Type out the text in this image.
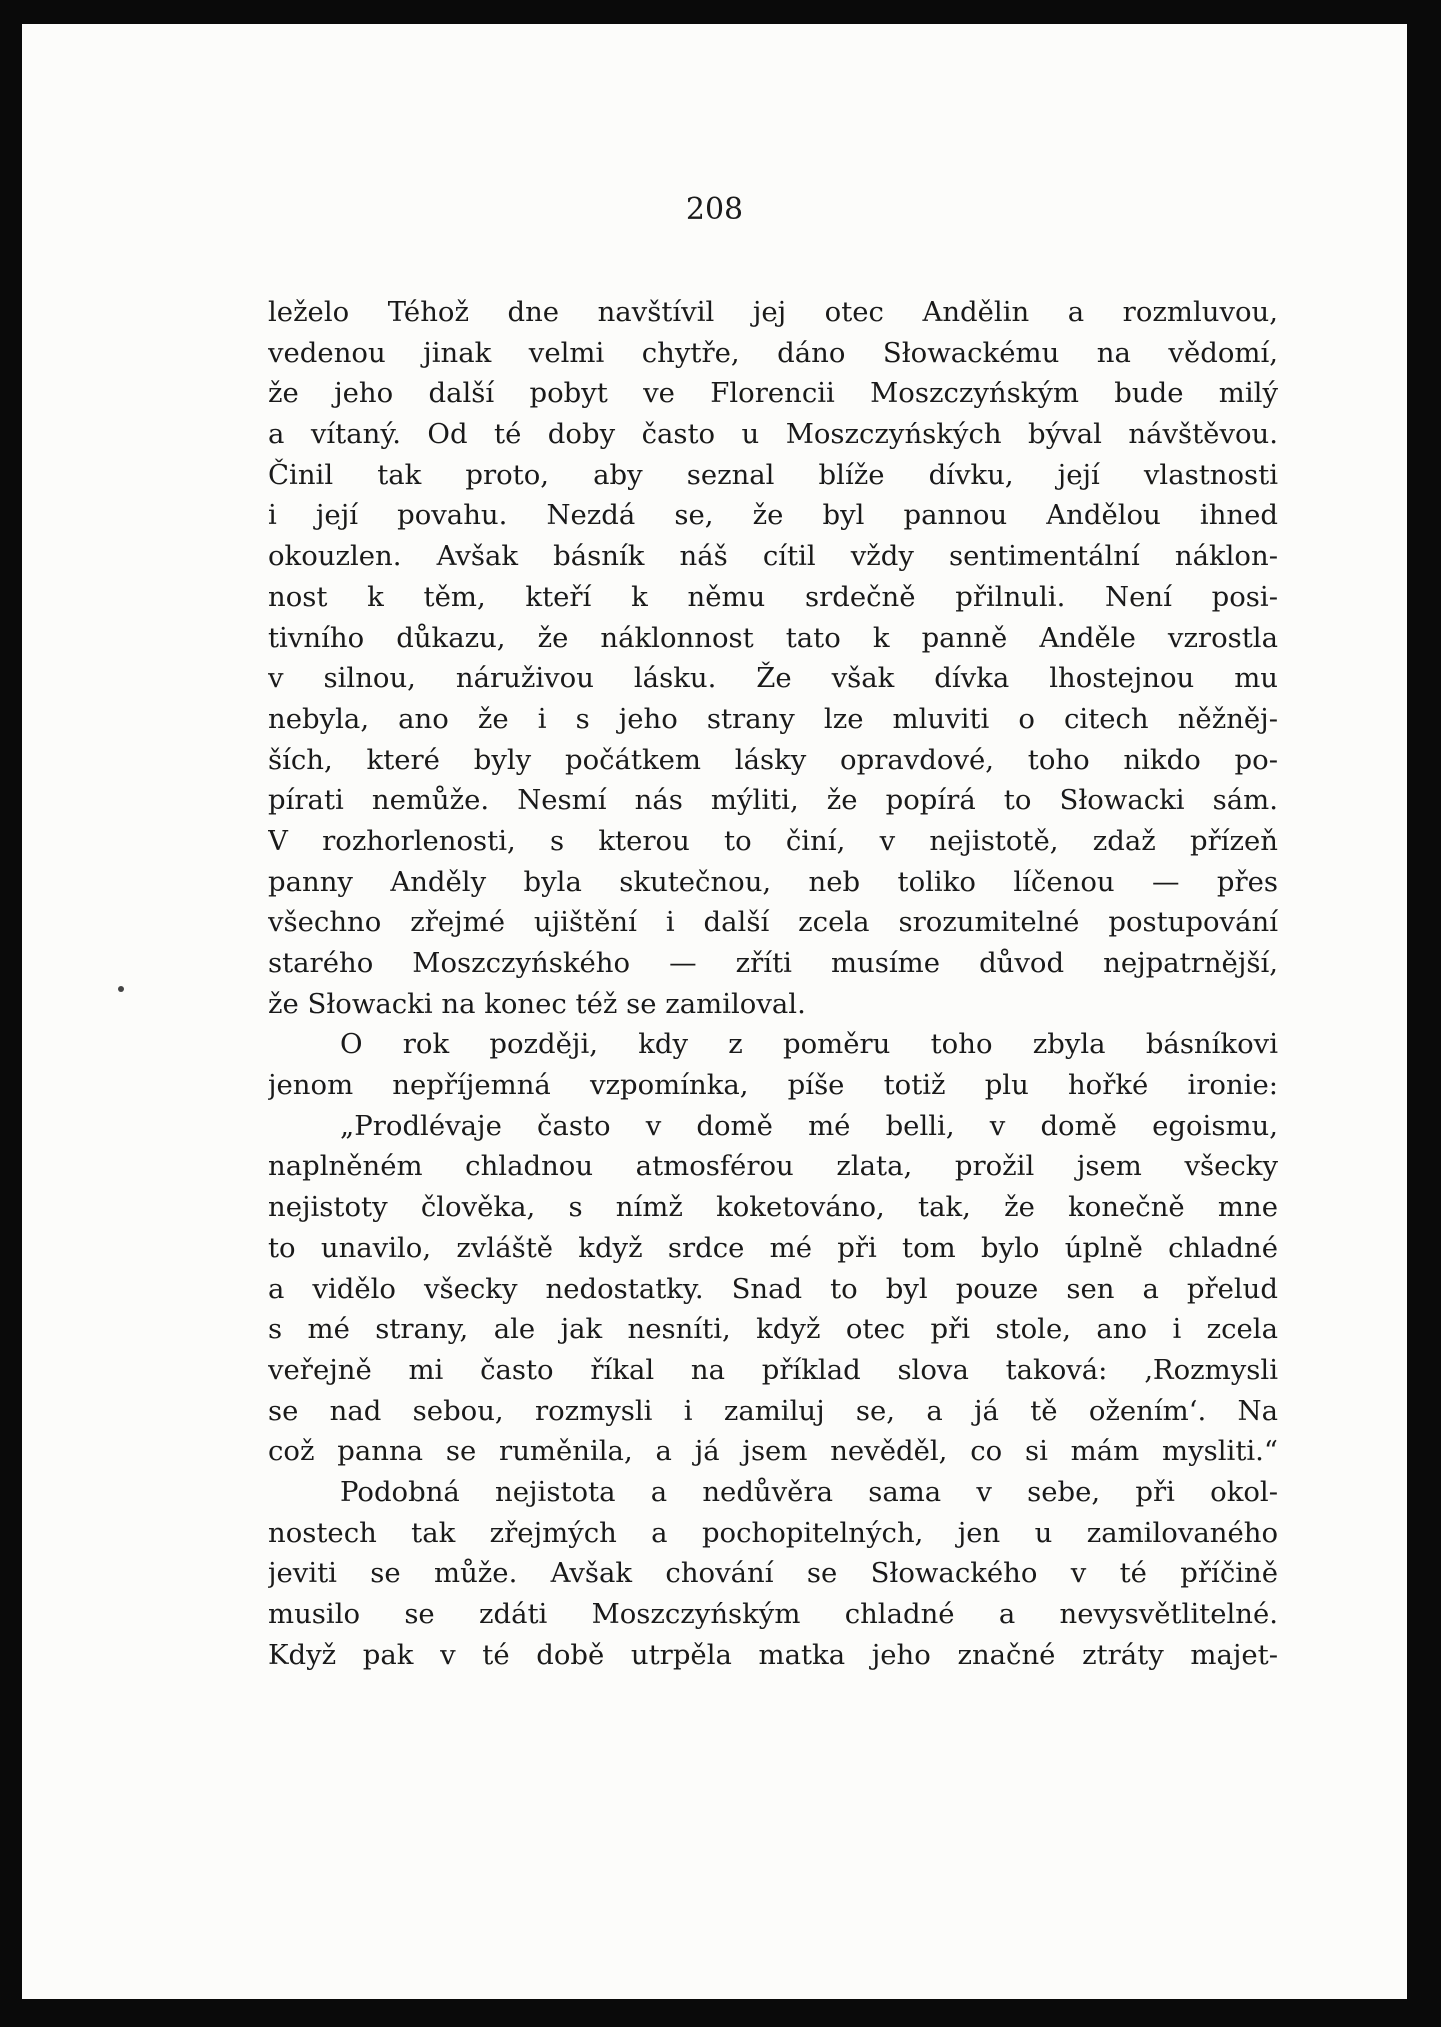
208

leželo Téhož dne navštívil jej otec Andělin a rozmluvou,

vedenou jinak velmi chytře, dáno Słowackému na vědomí,

že jeho další pobyt ve Florencii Moszczyńským bude milý

a vítaný. Od té doby často u Moszczyńských býval návštěvou.

Činil tak proto, aby seznal blíže dívku, její vlastnosti

i její povahu. Nezdá se, že byl pannou Andělou ihned

okouzlen. Avšak básník náš cítil vždy sentimentální náklon-

nost k těm, kteří k němu srdečně přilnuli. Není posi-

tivního důkazu, že náklonnost tato k panně Anděle vzrostla

v silnou, náruživou lásku. Že však dívka lhostejnou mu

nebyla, ano že i s jeho strany lze mluviti o citech něžněj-

ších, které byly počátkem lásky opravdové, toho nikdo po-

pírati nemůže. Nesmí nás mýliti, že popírá to Słowacki sám.

V rozhorlenosti, s kterou to činí, v nejistotě, zdaž přízeň

panny Anděly byla skutečnou, neb toliko líčenou — přes

všechno zřejmé ujištění i další zcela srozumitelné postupování

starého Moszczyńského — zříti musíme důvod nejpatrnější,

že Słowacki na konec též se zamiloval.

O rok později, kdy z poměru toho zbyla básníkovi

jenom nepříjemná vzpomínka, píše totiž plu hořké ironie:

„Prodlévaje často v domě mé belli, v domě egoismu,

naplněném chladnou atmosférou zlata, prožil jsem všecky

nejistoty člověka, s nímž koketováno, tak, že konečně mne

to unavilo, zvláště když srdce mé při tom bylo úplně chladné

a vidělo všecky nedostatky. Snad to byl pouze sen a přelud

s mé strany, ale jak nesníti, když otec při stole, ano i zcela

veřejně mi často říkal na příklad slova taková: ‚Rozmysli

se nad sebou, rozmysli i zamiluj se, a já tě ožením‘. Na

což panna se ruměnila, a já jsem nevěděl, co si mám mysliti.“

Podobná nejistota a nedůvěra sama v sebe, při okol-

nostech tak zřejmých a pochopitelných, jen u zamilovaného

jeviti se může. Avšak chování se Słowackého v té příčině

musilo se zdáti Moszczyńským chladné a nevysvětlitelné.

Když pak v té době utrpěla matka jeho značné ztráty majet-
